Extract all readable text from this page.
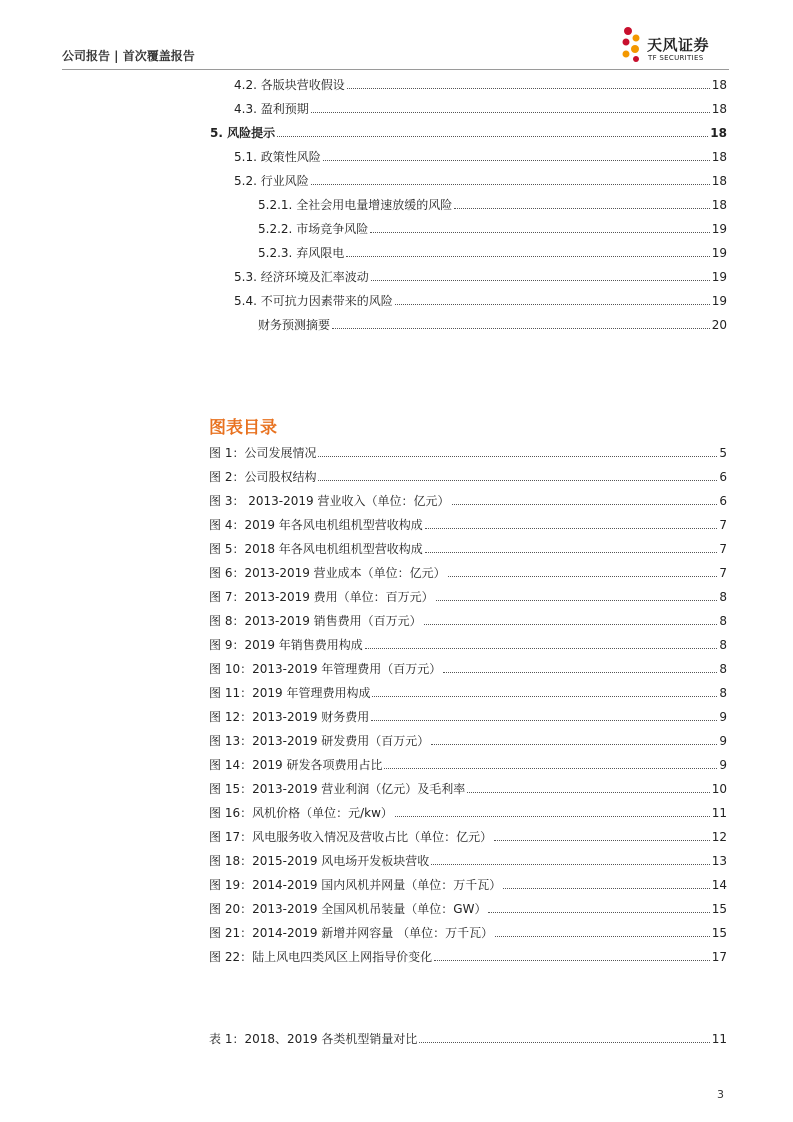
公司报告 | 首次覆盖报告
天风证券
TF SECURITIES
4.2. 各版块营收假设	18
4.3. 盈利预期	18
5. 风险提示	18
5.1. 政策性风险	18
5.2. 行业风险	18
5.2.1. 全社会用电量增速放缓的风险	18
5.2.2. 市场竞争风险	19
5.2.3. 弃风限电	19
5.3. 经济环境及汇率波动	19
5.4. 不可抗力因素带来的风险	19
财务预测摘要	20
图表目录
图 1：公司发展情况	5
图 2：公司股权结构	6
图 3： 2013-2019 营业收入（单位：亿元）	6
图 4：2019 年各风电机组机型营收构成	7
图 5：2018 年各风电机组机型营收构成	7
图 6：2013-2019 营业成本（单位：亿元）	7
图 7：2013-2019 费用（单位：百万元）	8
图 8：2013-2019 销售费用（百万元）	8
图 9：2019 年销售费用构成	8
图 10：2013-2019 年管理费用（百万元）	8
图 11：2019 年管理费用构成	8
图 12：2013-2019 财务费用	9
图 13：2013-2019 研发费用（百万元）	9
图 14：2019 研发各项费用占比	9
图 15：2013-2019 营业利润（亿元）及毛利率	10
图 16：风机价格（单位：元/kw）	11
图 17：风电服务收入情况及营收占比（单位：亿元）	12
图 18：2015-2019 风电场开发板块营收	13
图 19：2014-2019 国内风机并网量（单位：万千瓦）	14
图 20：2013-2019 全国风机吊装量（单位：GW）	15
图 21：2014-2019 新增并网容量 （单位：万千瓦）	15
图 22：陆上风电四类风区上网指导价变化	17
表 1：2018、2019 各类机型销量对比	11
3
